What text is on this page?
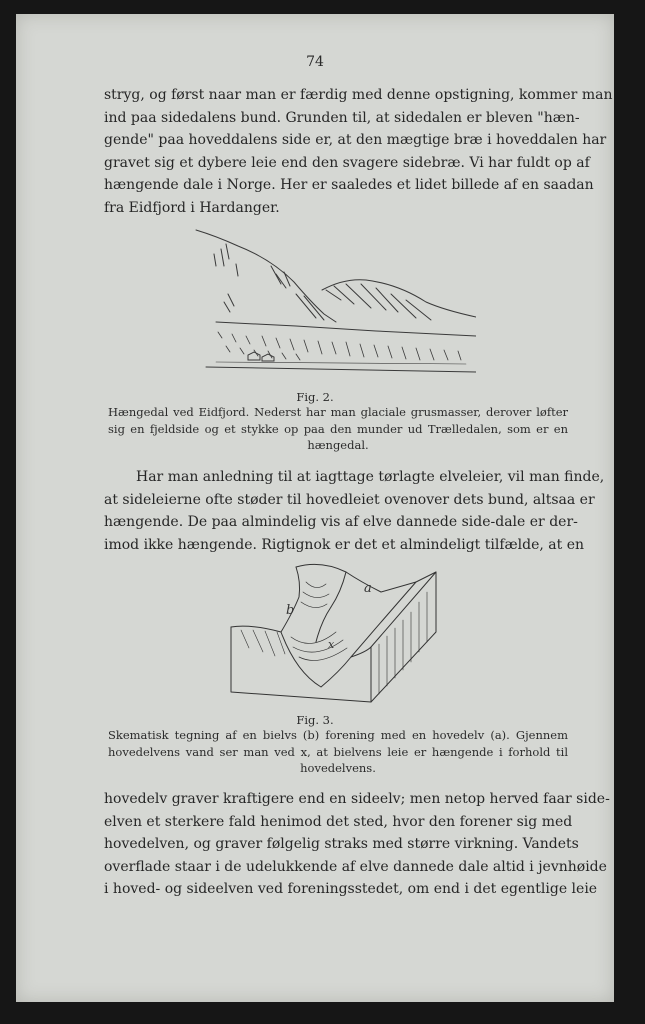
74

stryg, og først naar man er færdig med denne opstigning, kommer man
ind paa sidedalens bund. Grunden til, at sidedalen er bleven "hæn-
gende" paa hoveddalens side er, at den mægtige bræ i hoveddalen har
gravet sig et dybere leie end den svagere sidebræ. Vi har fuldt op af
hængende dale i Norge. Her er saaledes et lidet billede af en saadan
fra Eidfjord i Hardanger.

Fig. 2.
Hængedal ved Eidfjord. Nederst har man glaciale grusmasser, derover løfter
sig en fjeldside og et stykke op paa den munder ud Trælledalen, som er en
hængedal.

Har man anledning til at iagttage tørlagte elveleier, vil man finde,
at sideleierne ofte støder til hovedleiet ovenover dets bund, altsaa er
hængende. De paa almindelig vis af elve dannede side-dale er der-
imod ikke hængende. Rigtignok er det et almindeligt tilfælde, at en

a
b
x
Fig. 3.
Skematisk tegning af en bielvs (b) forening med en hovedelv (a). Gjennem
hovedelvens vand ser man ved x, at bielvens leie er hængende i forhold til
hovedelvens.

hovedelv graver kraftigere end en sideelv; men netop herved faar side-
elven et sterkere fald henimod det sted, hvor den forener sig med
hovedelven, og graver følgelig straks med større virkning. Vandets
overflade staar i de udelukkende af elve dannede dale altid i jevnhøide
i hoved- og sideelven ved foreningsstedet, om end i det egentlige leie
